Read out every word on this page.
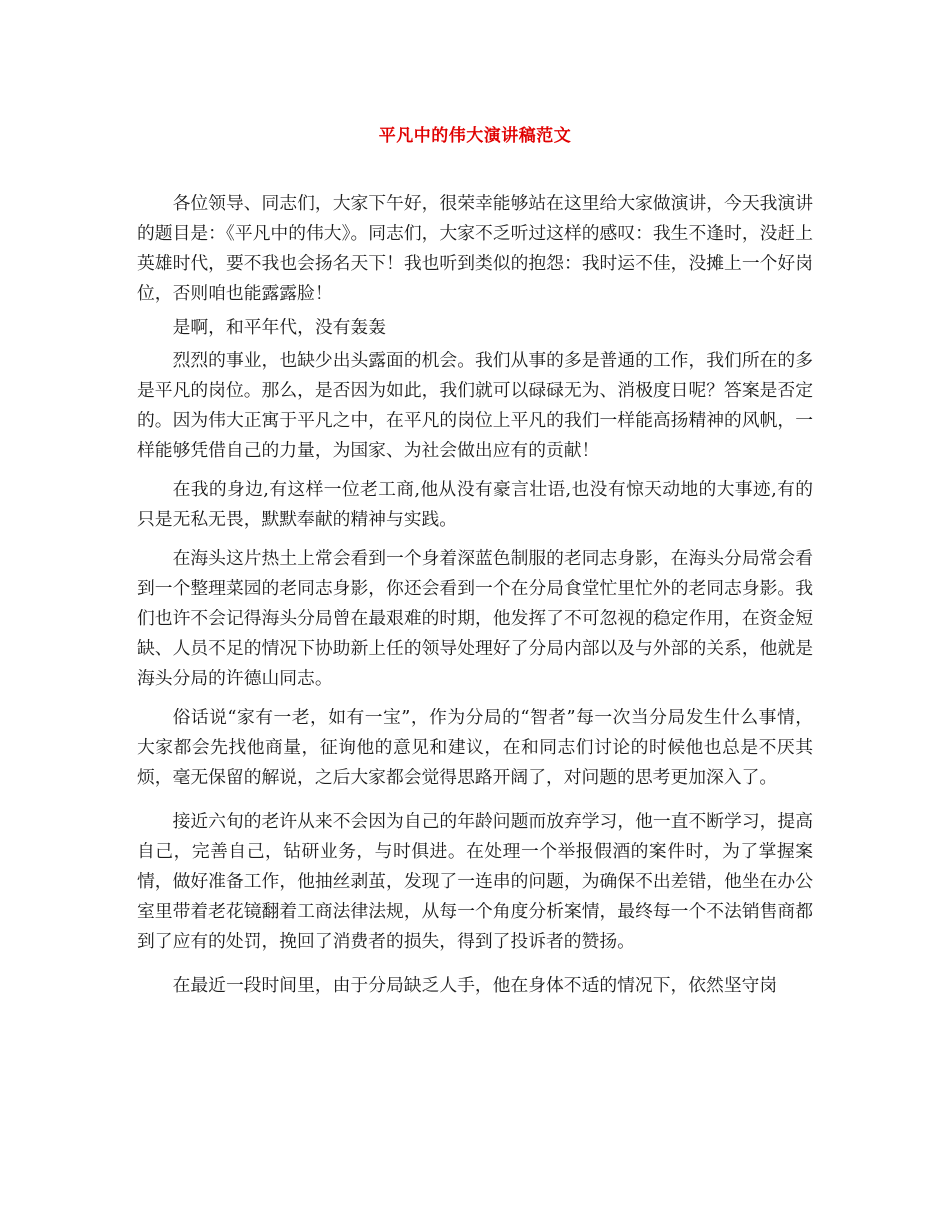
平凡中的伟大演讲稿范文

各位领导、同志们，大家下午好，很荣幸能够站在这里给大家做演讲，今天我演讲的题目是：《平凡中的伟大》。同志们，大家不乏听过这样的感叹：我生不逢时，没赶上英雄时代，要不我也会扬名天下！我也听到类似的抱怨：我时运不佳，没摊上一个好岗位，否则咱也能露露脸！

是啊，和平年代，没有轰轰

烈烈的事业，也缺少出头露面的机会。我们从事的多是普通的工作，我们所在的多是平凡的岗位。那么，是否因为如此，我们就可以碌碌无为、消极度日呢？答案是否定的。因为伟大正寓于平凡之中，在平凡的岗位上平凡的我们一样能高扬精神的风帆，一样能够凭借自己的力量，为国家、为社会做出应有的贡献！

在我的身边,有这样一位老工商,他从没有豪言壮语,也没有惊天动地的大事迹,有的只是无私无畏，默默奉献的精神与实践。

在海头这片热土上常会看到一个身着深蓝色制服的老同志身影，在海头分局常会看到一个整理菜园的老同志身影，你还会看到一个在分局食堂忙里忙外的老同志身影。我们也许不会记得海头分局曾在最艰难的时期，他发挥了不可忽视的稳定作用，在资金短缺、人员不足的情况下协助新上任的领导处理好了分局内部以及与外部的关系，他就是海头分局的许德山同志。

俗话说“家有一老，如有一宝”，作为分局的“智者”每一次当分局发生什么事情，大家都会先找他商量，征询他的意见和建议，在和同志们讨论的时候他也总是不厌其烦，毫无保留的解说，之后大家都会觉得思路开阔了，对问题的思考更加深入了。

接近六旬的老许从来不会因为自己的年龄问题而放弃学习，他一直不断学习，提高自己，完善自己，钻研业务，与时俱进。在处理一个举报假酒的案件时，为了掌握案情，做好准备工作，他抽丝剥茧，发现了一连串的问题，为确保不出差错，他坐在办公室里带着老花镜翻着工商法律法规，从每一个角度分析案情，最终每一个不法销售商都到了应有的处罚，挽回了消费者的损失，得到了投诉者的赞扬。

在最近一段时间里，由于分局缺乏人手，他在身体不适的情况下，依然坚守岗
